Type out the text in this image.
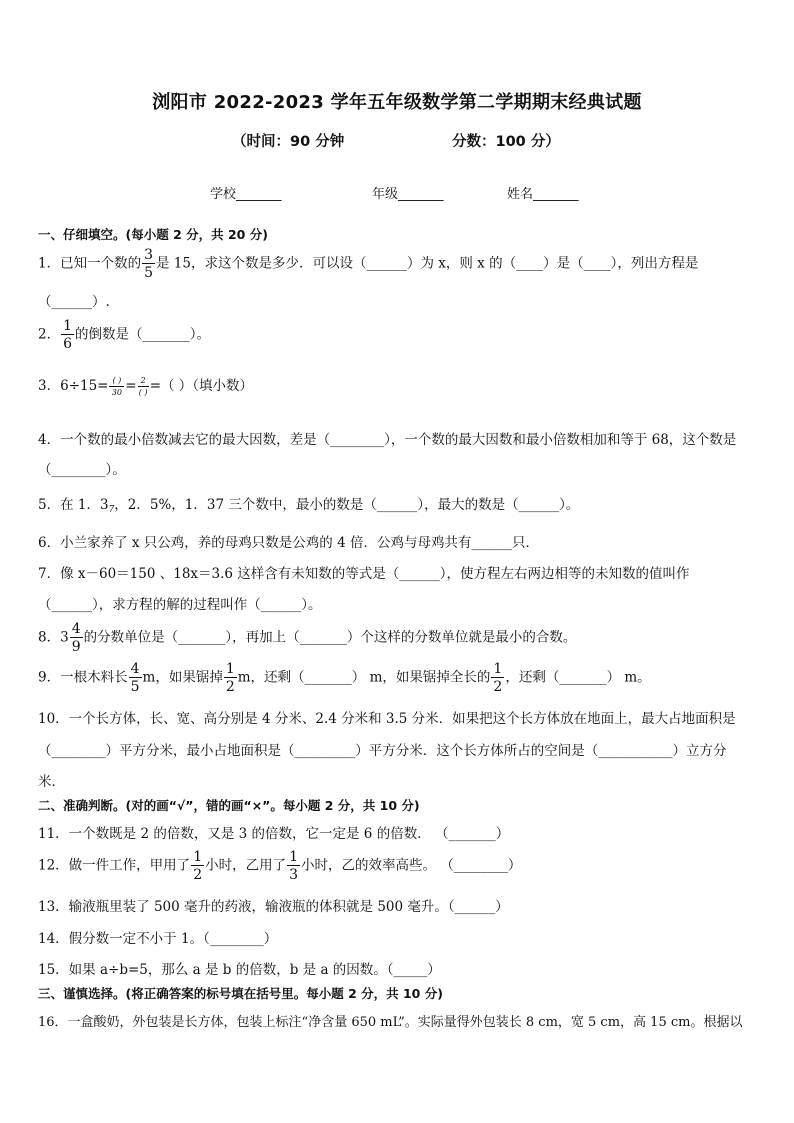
浏阳市 2022-2023 学年五年级数学第二学期期末经典试题
（时间：90 分钟	分数：100 分）
学校_______	年级_______	姓名_______
一、仔细填空。(每小题 2 分，共 20 分)
1．已知一个数的 $\frac{3}{5}$ 是 15，求这个数是多少．可以设（______）为 x，则 x 的（____）是（____），列出方程是
（______）.
2． $\frac{1}{6}$ 的倒数是（_______）。
3．$6\div 15= \frac{( )}{30} = \frac{2}{( )}$ =（ ）（填小数）
4．一个数的最小倍数减去它的最大因数，差是（________），一个数的最大因数和最小倍数相加和等于 68，这个数是
（________）。
5．在 1．37，2．5%，1．37 三个数中，最小的数是（______），最大的数是（______）。
6．小兰家养了 x 只公鸡，养的母鸡只数是公鸡的 4 倍．公鸡与母鸡共有______只．
7．像 x－60＝150 、18x＝3.6 这样含有未知数的等式是（______），使方程左右两边相等的未知数的值叫作
（______），求方程的解的过程叫作（______）。
8．$3 \frac{4}{9}$ 的分数单位是（_______），再加上（_______）个这样的分数单位就是最小的合数。
9．一根木料长 $\frac{4}{5}$ m，如果锯掉 $\frac{1}{2}$ m，还剩（_______） m，如果锯掉全长的 $\frac{1}{2}$ ，还剩（_______） m。
10．一个长方体，长、宽、高分别是 4 分米、2.4 分米和 3.5 分米．如果把这个长方体放在地面上，最大占地面积是
（________）平方分米，最小占地面积是（_________）平方分米．这个长方体所占的空间是（___________）立方分
米．
二、准确判断。(对的画“√”，错的画“×”。每小题 2 分，共 10 分)
11．一个数既是 2 的倍数，又是 3 的倍数，它一定是 6 的倍数． （_______）
12．做一件工作，甲用了 $\frac{1}{2}$ 小时，乙用了 $\frac{1}{3}$ 小时，乙的效率高些。 （________）
13．输液瓶里装了 500 毫升的药液，输液瓶的体积就是 500 毫升。（______）
14．假分数一定不小于 1。（________）
15．如果 a÷b=5，那么 a 是 b 的倍数，b 是 a 的因数。（_____）
三、谨慎选择。(将正确答案的标号填在括号里。每小题 2 分，共 10 分)
16．一盒酸奶，外包装是长方体，包装上标注“净含量 650 mL”。实际量得外包装长 8 cm，宽 5 cm，高 15 cm。根据以
